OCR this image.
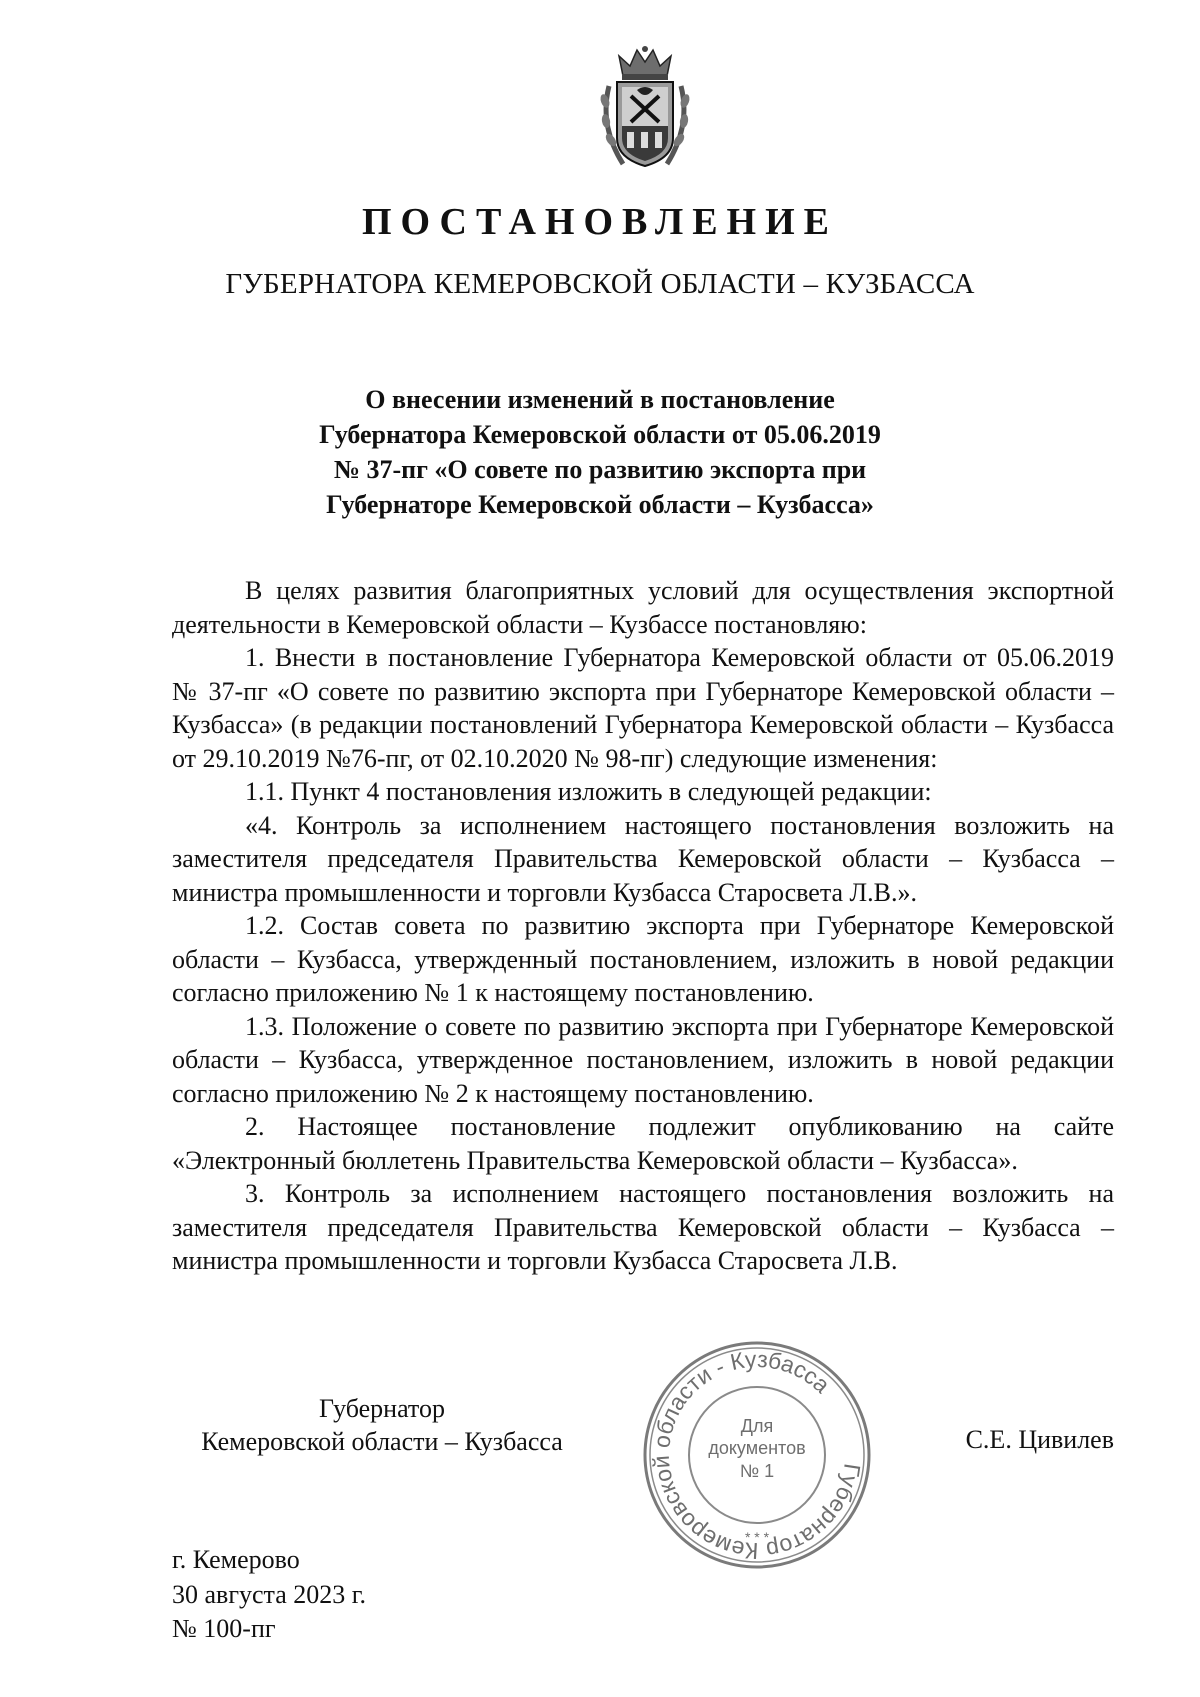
ПОСТАНОВЛЕНИЕ
ГУБЕРНАТОРА КЕМЕРОВСКОЙ ОБЛАСТИ – КУЗБАССА
О внесении изменений в постановление
Губернатора Кемеровской области от 05.06.2019
№ 37-пг «О совете по развитию экспорта при
Губернаторе Кемеровской области – Кузбасса»

В целях развития благоприятных условий для осуществления экспортной деятельности в Кемеровской области – Кузбассе постановляю:

1. Внести в постановление Губернатора Кемеровской области от 05.06.2019 № 37-пг «О совете по развитию экспорта при Губернаторе Кемеровской области – Кузбасса» (в редакции постановлений Губернатора Кемеровской области – Кузбасса от 29.10.2019 №76-пг, от 02.10.2020 № 98-пг) следующие изменения:

1.1. Пункт 4 постановления изложить в следующей редакции:

«4. Контроль за исполнением настоящего постановления возложить на заместителя председателя Правительства Кемеровской области – Кузбасса – министра промышленности и торговли Кузбасса Старосвета Л.В.».

1.2. Состав совета по развитию экспорта при Губернаторе Кемеровской области – Кузбасса, утвержденный постановлением, изложить в новой редакции согласно приложению № 1 к настоящему постановлению.

1.3. Положение о совете по развитию экспорта при Губернаторе Кемеровской области – Кузбасса, утвержденное постановлением, изложить в новой редакции согласно приложению № 2 к настоящему постановлению.

2. Настоящее постановление подлежит опубликованию на сайте «Электронный бюллетень Правительства Кемеровской области – Кузбасса».

3. Контроль за исполнением настоящего постановления возложить на заместителя председателя Правительства Кемеровской области – Кузбасса – министра промышленности и торговли Кузбасса Старосвета Л.В.

Губернатор
Кемеровской области – Кузбасса
Губернатор Кемеровской области - Кузбасса
Для
документов
№ 1
* * *
С.Е. Цивилев
г. Кемерово
30 августа 2023 г.
№ 100-пг
